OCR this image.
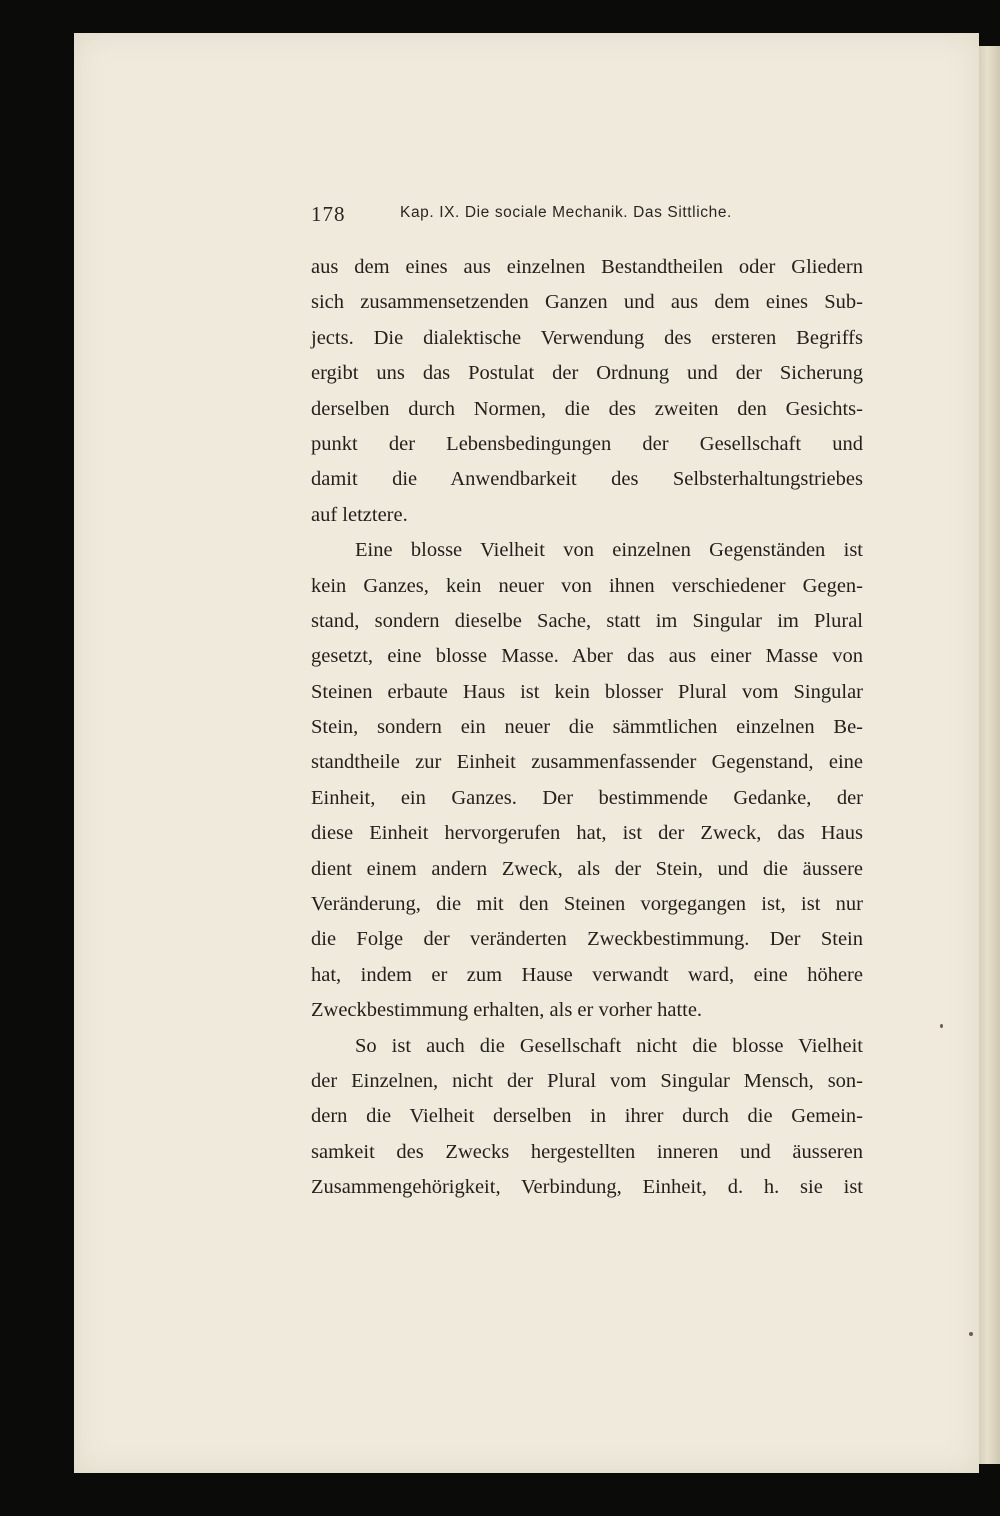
178	Kap. IX. Die sociale Mechanik. Das Sittliche.
aus dem eines aus einzelnen Bestandtheilen oder Gliedern
sich zusammensetzenden Ganzen und aus dem eines Sub-
jects. Die dialektische Verwendung des ersteren Begriffs
ergibt uns das Postulat der Ordnung und der Sicherung
derselben durch Normen, die des zweiten den Gesichts-
punkt der Lebensbedingungen der Gesellschaft und
damit die Anwendbarkeit des Selbsterhaltungstriebes
auf letztere.
Eine blosse Vielheit von einzelnen Gegenständen ist
kein Ganzes, kein neuer von ihnen verschiedener Gegen-
stand, sondern dieselbe Sache, statt im Singular im Plural
gesetzt, eine blosse Masse. Aber das aus einer Masse von
Steinen erbaute Haus ist kein blosser Plural vom Singular
Stein, sondern ein neuer die sämmtlichen einzelnen Be-
standtheile zur Einheit zusammenfassender Gegenstand, eine
Einheit, ein Ganzes. Der bestimmende Gedanke, der
diese Einheit hervorgerufen hat, ist der Zweck, das Haus
dient einem andern Zweck, als der Stein, und die äussere
Veränderung, die mit den Steinen vorgegangen ist, ist nur
die Folge der veränderten Zweckbestimmung. Der Stein
hat, indem er zum Hause verwandt ward, eine höhere
Zweckbestimmung erhalten, als er vorher hatte.
So ist auch die Gesellschaft nicht die blosse Vielheit
der Einzelnen, nicht der Plural vom Singular Mensch, son-
dern die Vielheit derselben in ihrer durch die Gemein-
samkeit des Zwecks hergestellten inneren und äusseren
Zusammengehörigkeit, Verbindung, Einheit, d. h. sie ist
